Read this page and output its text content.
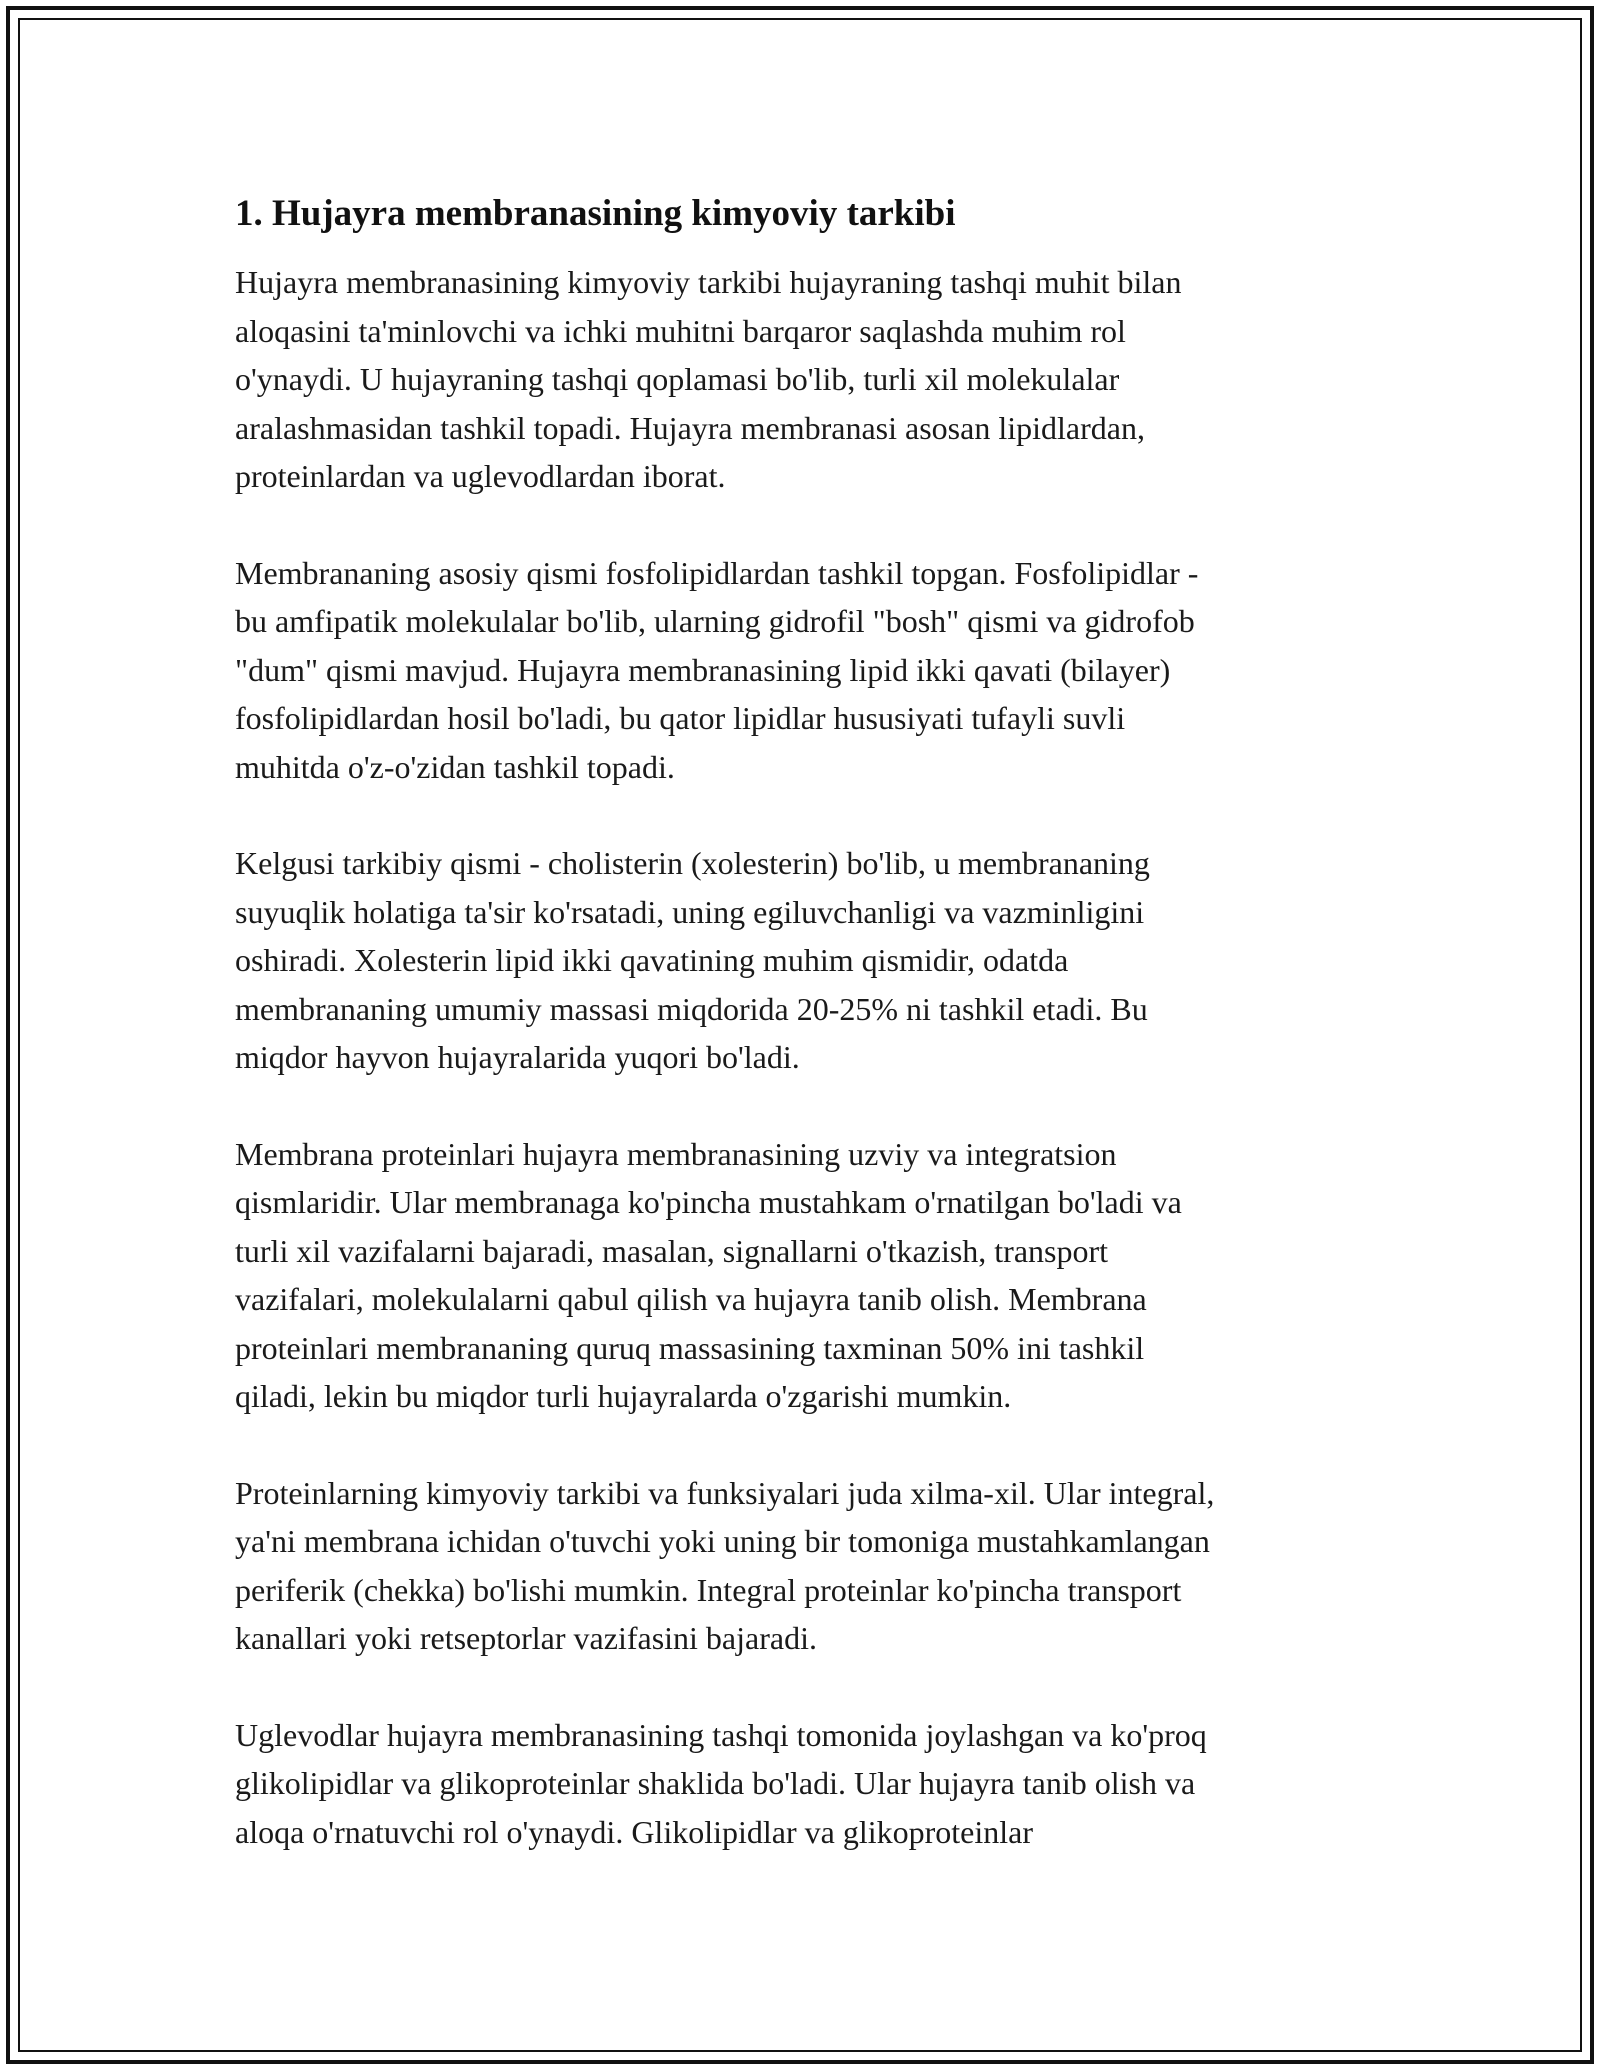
1. Hujayra membranasining kimyoviy tarkibi

Hujayra membranasining kimyoviy tarkibi hujayraning tashqi muhit bilan
aloqasini ta'minlovchi va ichki muhitni barqaror saqlashda muhim rol
o'ynaydi. U hujayraning tashqi qoplamasi bo'lib, turli xil molekulalar
aralashmasidan tashkil topadi. Hujayra membranasi asosan lipidlardan,
proteinlardan va uglevodlardan iborat.

Membrananing asosiy qismi fosfolipidlardan tashkil topgan. Fosfolipidlar -
bu amfipatik molekulalar bo'lib, ularning gidrofil "bosh" qismi va gidrofob
"dum" qismi mavjud. Hujayra membranasining lipid ikki qavati (bilayer)
fosfolipidlardan hosil bo'ladi, bu qator lipidlar hususiyati tufayli suvli
muhitda o'z-o'zidan tashkil topadi.

Kelgusi tarkibiy qismi - cholisterin (xolesterin) bo'lib, u membrananing
suyuqlik holatiga ta'sir ko'rsatadi, uning egiluvchanligi va vazminligini
oshiradi. Xolesterin lipid ikki qavatining muhim qismidir, odatda
membrananing umumiy massasi miqdorida 20-25% ni tashkil etadi. Bu
miqdor hayvon hujayralarida yuqori bo'ladi.

Membrana proteinlari hujayra membranasining uzviy va integratsion
qismlaridir. Ular membranaga ko'pincha mustahkam o'rnatilgan bo'ladi va
turli xil vazifalarni bajaradi, masalan, signallarni o'tkazish, transport
vazifalari, molekulalarni qabul qilish va hujayra tanib olish. Membrana
proteinlari membrananing quruq massasining taxminan 50% ini tashkil
qiladi, lekin bu miqdor turli hujayralarda o'zgarishi mumkin.

Proteinlarning kimyoviy tarkibi va funksiyalari juda xilma-xil. Ular integral,
ya'ni membrana ichidan o'tuvchi yoki uning bir tomoniga mustahkamlangan
periferik (chekka) bo'lishi mumkin. Integral proteinlar ko'pincha transport
kanallari yoki retseptorlar vazifasini bajaradi.

Uglevodlar hujayra membranasining tashqi tomonida joylashgan va ko'proq
glikolipidlar va glikoproteinlar shaklida bo'ladi. Ular hujayra tanib olish va
aloqa o'rnatuvchi rol o'ynaydi. Glikolipidlar va glikoproteinlar
